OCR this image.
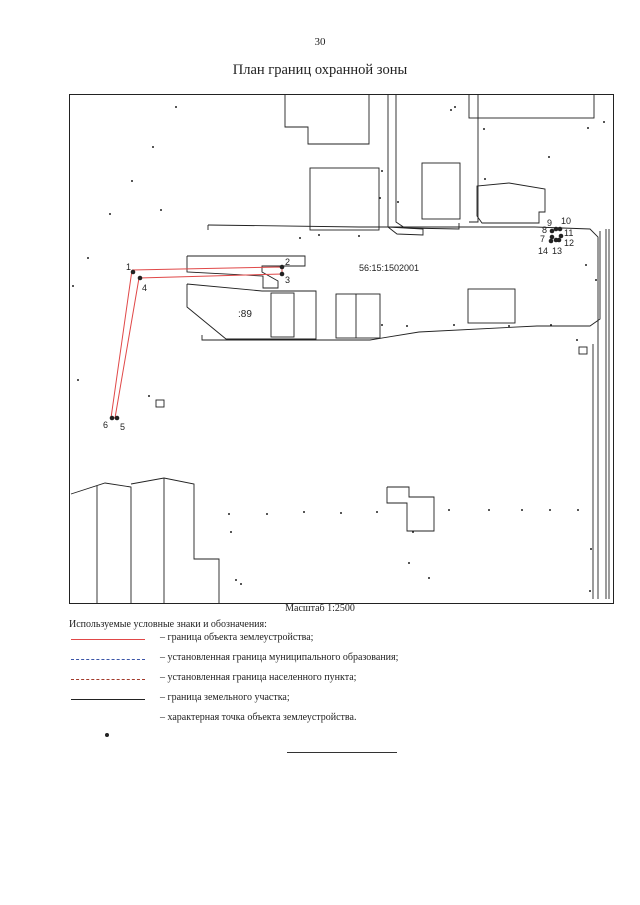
30
План границ охранной зоны
56:15:1502001
:89
1	2
3
4
5
6
7
8
9 10
11
12
13
14
Масштаб 1:2500
Используемые условные знаки и обозначения:
– граница объекта землеустройства;
– установленная граница муниципального образования;
– установленная граница населенного пункта;
– граница земельного участка;
– характерная точка объекта землеустройства.
